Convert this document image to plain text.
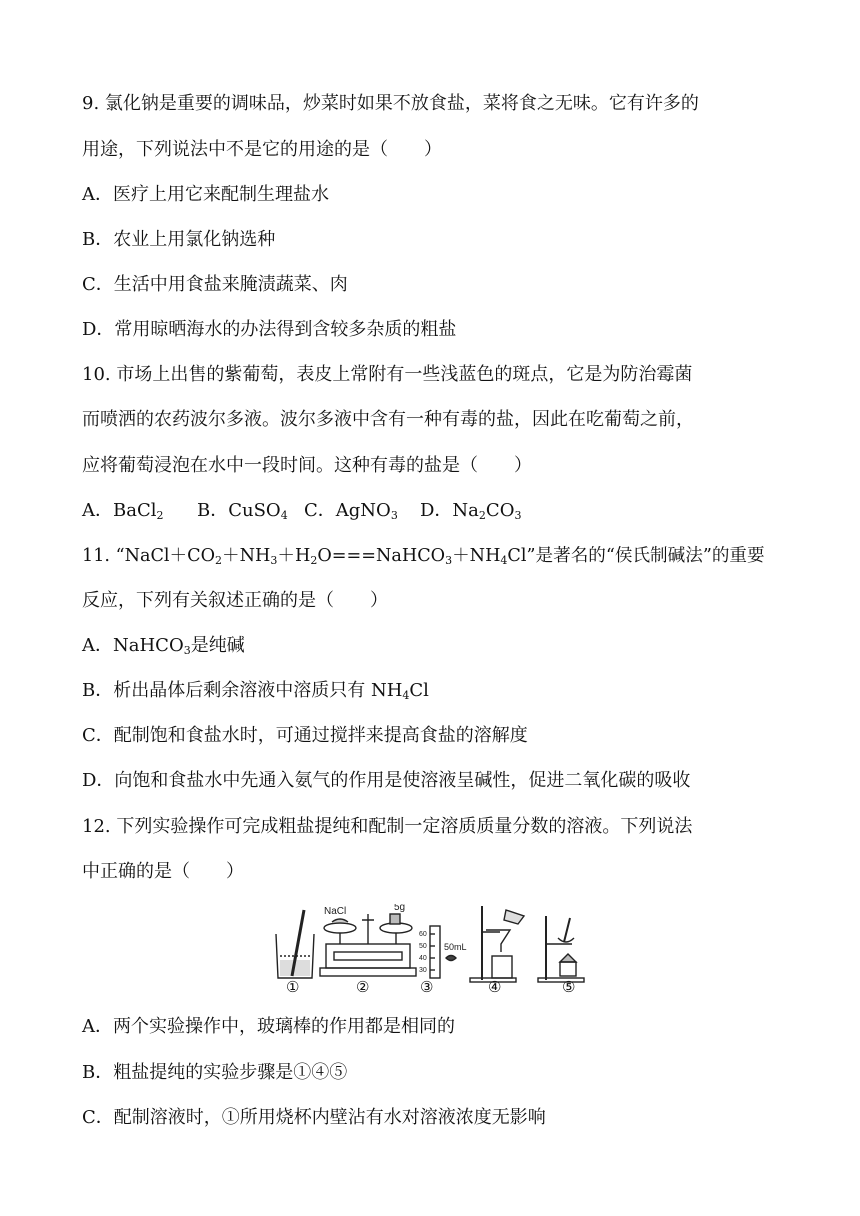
9. 氯化钠是重要的调味品，炒菜时如果不放食盐，菜将食之无味。它有许多的
用途，下列说法中不是它的用途的是（　　）
A．医疗上用它来配制生理盐水
B．农业上用氯化钠选种
C．生活中用食盐来腌渍蔬菜、肉
D．常用晾晒海水的办法得到含较多杂质的粗盐
10. 市场上出售的紫葡萄，表皮上常附有一些浅蓝色的斑点，它是为防治霉菌
而喷洒的农药波尔多液。波尔多液中含有一种有毒的盐，因此在吃葡萄之前，
应将葡萄浸泡在水中一段时间。这种有毒的盐是（　　）
A．BaCl$_2$ B．CuSO$_4$ C．AgNO$_3$ D．$Na_2CO_3$
11. “$NaCl+CO_2+NH_3+H_2O===NaHCO_3+NH_4Cl$”是著名的“侯氏制碱法”的重要
反应，下列有关叙述正确的是（　　）
A．NaHCO$_3$是纯碱
B．析出晶体后剩余溶液中溶质只有 $NH_4Cl$
C．配制饱和食盐水时，可通过搅拌来提高食盐的溶解度
D．向饱和食盐水中先通入氨气的作用是使溶液呈碱性，促进二氧化碳的吸收
12. 下列实验操作可完成粗盐提纯和配制一定溶质质量分数的溶液。下列说法
中正确的是（　　）
NaCl	5g
60
50
40
30
50mL
①	②	③	④	⑤
A．两个实验操作中，玻璃棒的作用都是相同的
B．粗盐提纯的实验步骤是①④⑤
C．配制溶液时，①所用烧杯内壁沾有水对溶液浓度无影响
